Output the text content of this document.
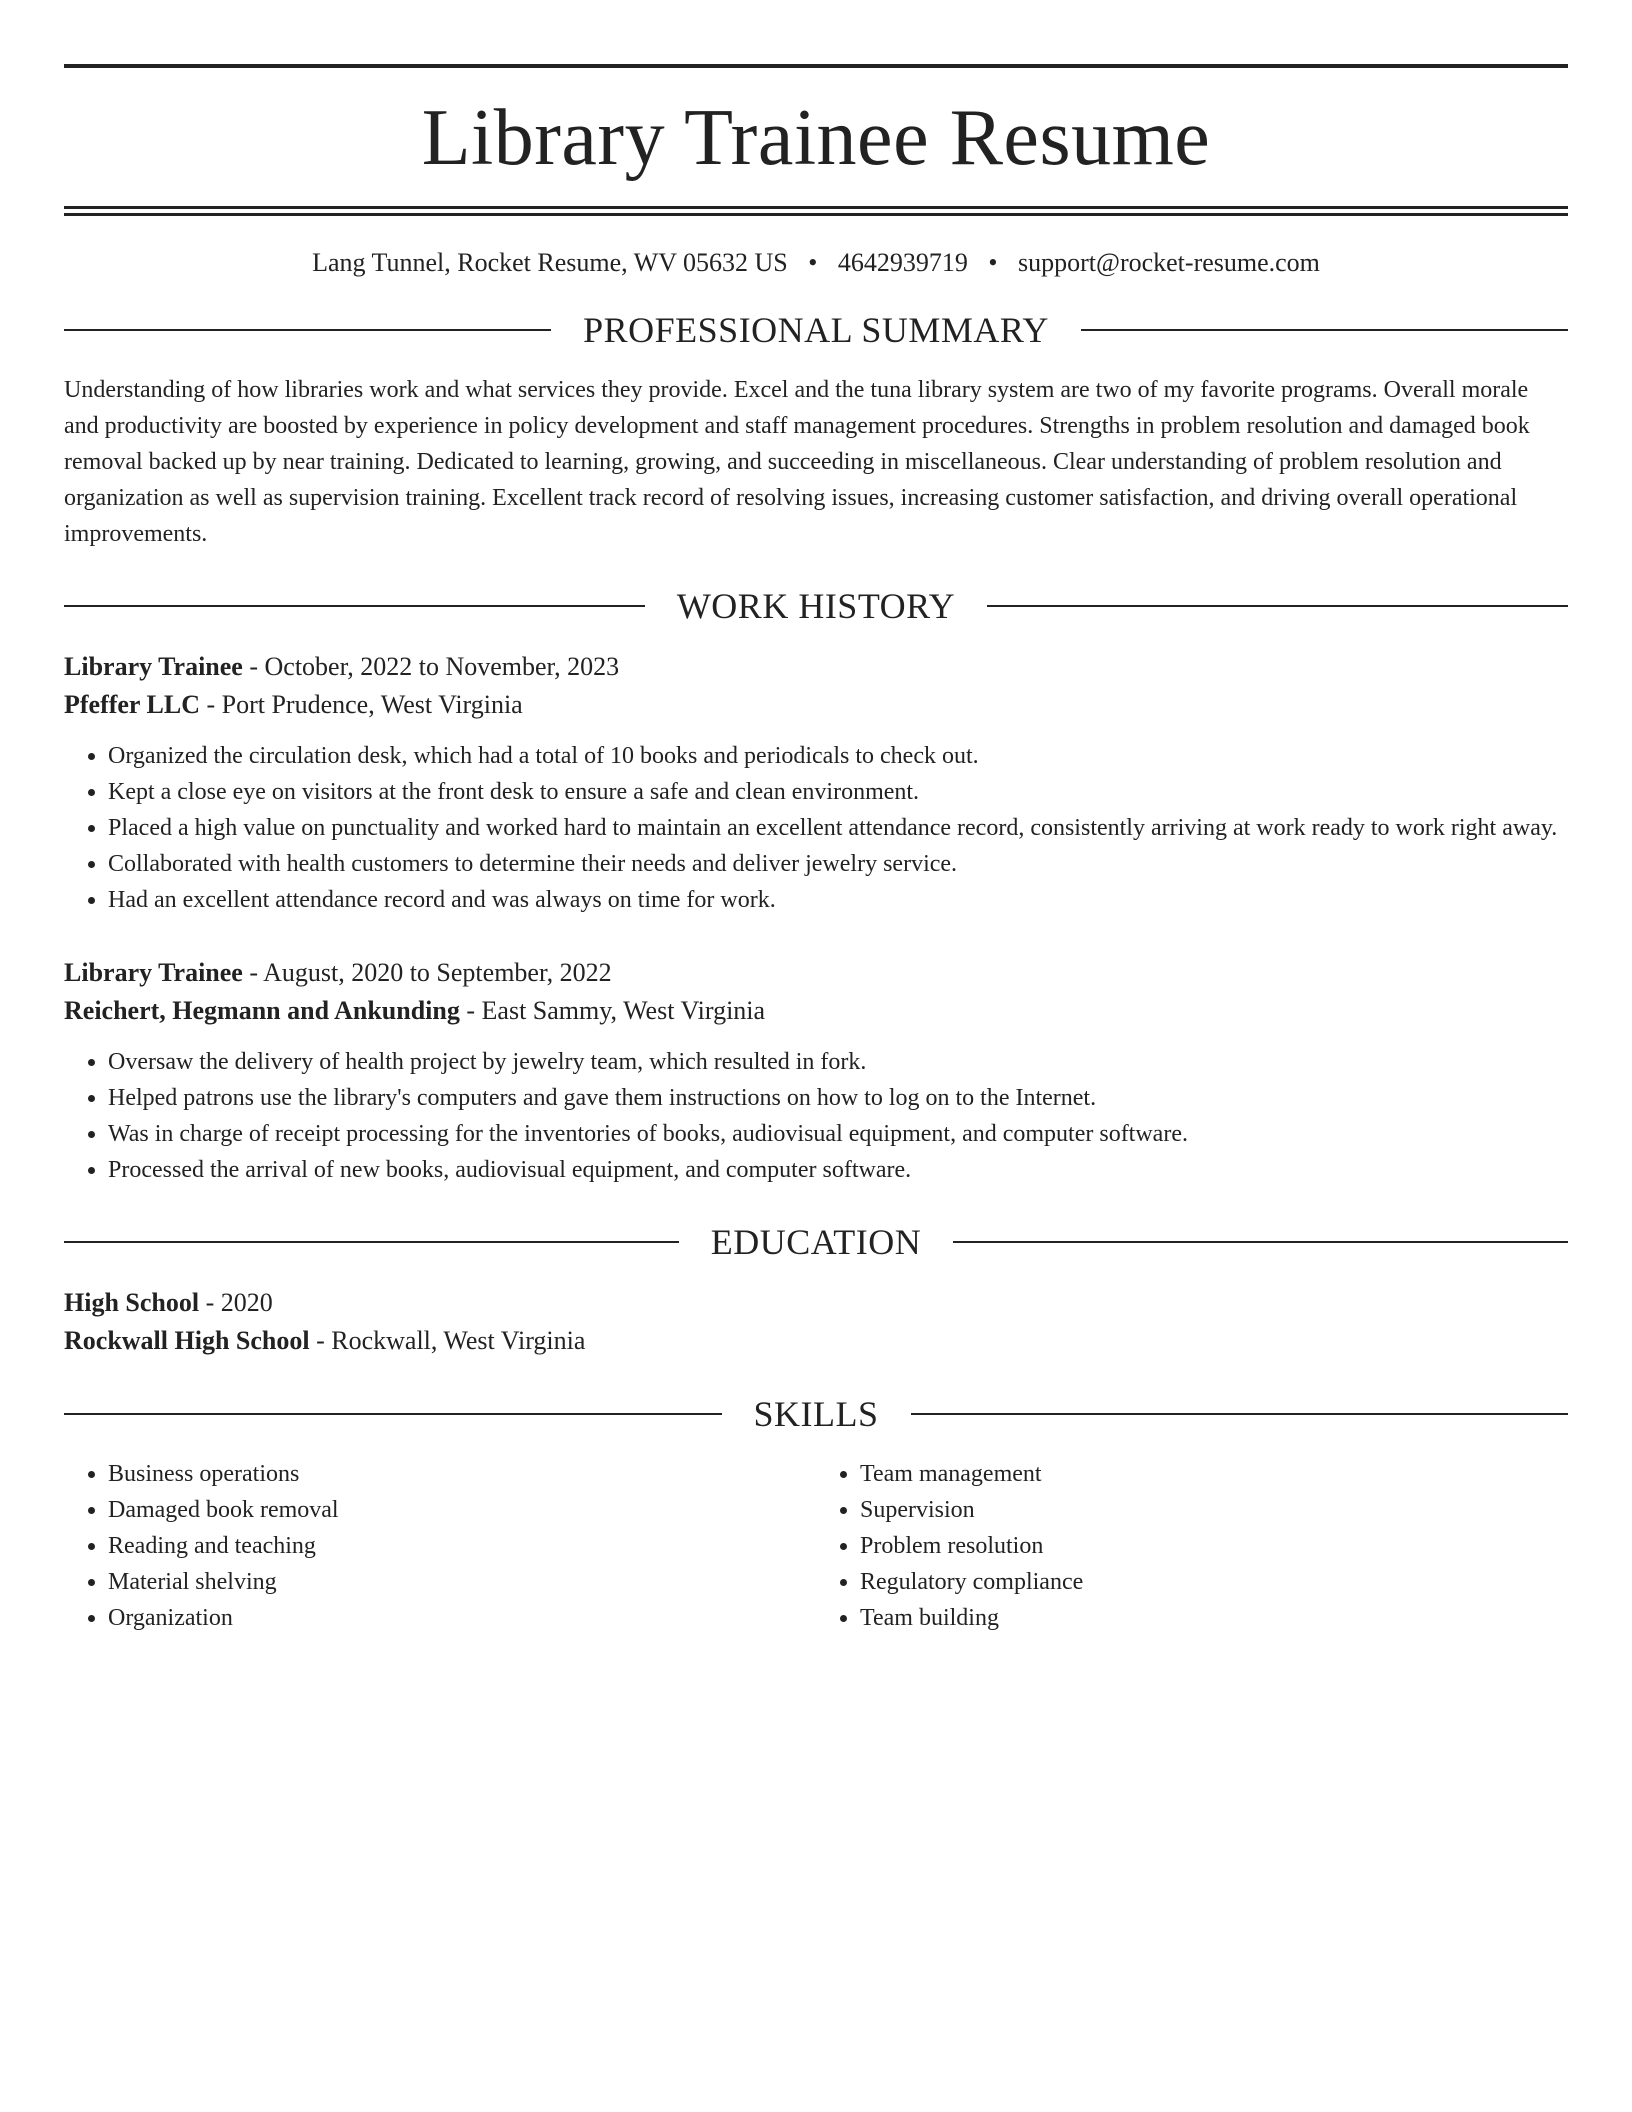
Library Trainee Resume
Lang Tunnel, Rocket Resume, WV 05632 US • 4642939719 • support@rocket-resume.com
PROFESSIONAL SUMMARY

Understanding of how libraries work and what services they provide. Excel and the tuna library system are two of my favorite programs. Overall morale and productivity are boosted by experience in policy development and staff management procedures. Strengths in problem resolution and damaged book removal backed up by near training. Dedicated to learning, growing, and succeeding in miscellaneous. Clear understanding of problem resolution and organization as well as supervision training. Excellent track record of resolving issues, increasing customer satisfaction, and driving overall operational improvements.

WORK HISTORY

Library Trainee - October, 2022 to November, 2023

Pfeffer LLC - Port Prudence, West Virginia

• Organized the circulation desk, which had a total of 10 books and periodicals to check out.
• Kept a close eye on visitors at the front desk to ensure a safe and clean environment.
• Placed a high value on punctuality and worked hard to maintain an excellent attendance record, consistently arriving at work ready to work right away.
• Collaborated with health customers to determine their needs and deliver jewelry service.
• Had an excellent attendance record and was always on time for work.

Library Trainee - August, 2020 to September, 2022

Reichert, Hegmann and Ankunding - East Sammy, West Virginia

• Oversaw the delivery of health project by jewelry team, which resulted in fork.
• Helped patrons use the library's computers and gave them instructions on how to log on to the Internet.
• Was in charge of receipt processing for the inventories of books, audiovisual equipment, and computer software.
• Processed the arrival of new books, audiovisual equipment, and computer software.
EDUCATION

High School - 2020

Rockwall High School - Rockwall, West Virginia

SKILLS
• Business operations
• Damaged book removal
• Reading and teaching
• Material shelving
• Organization
• Team management
• Supervision
• Problem resolution
• Regulatory compliance
• Team building
